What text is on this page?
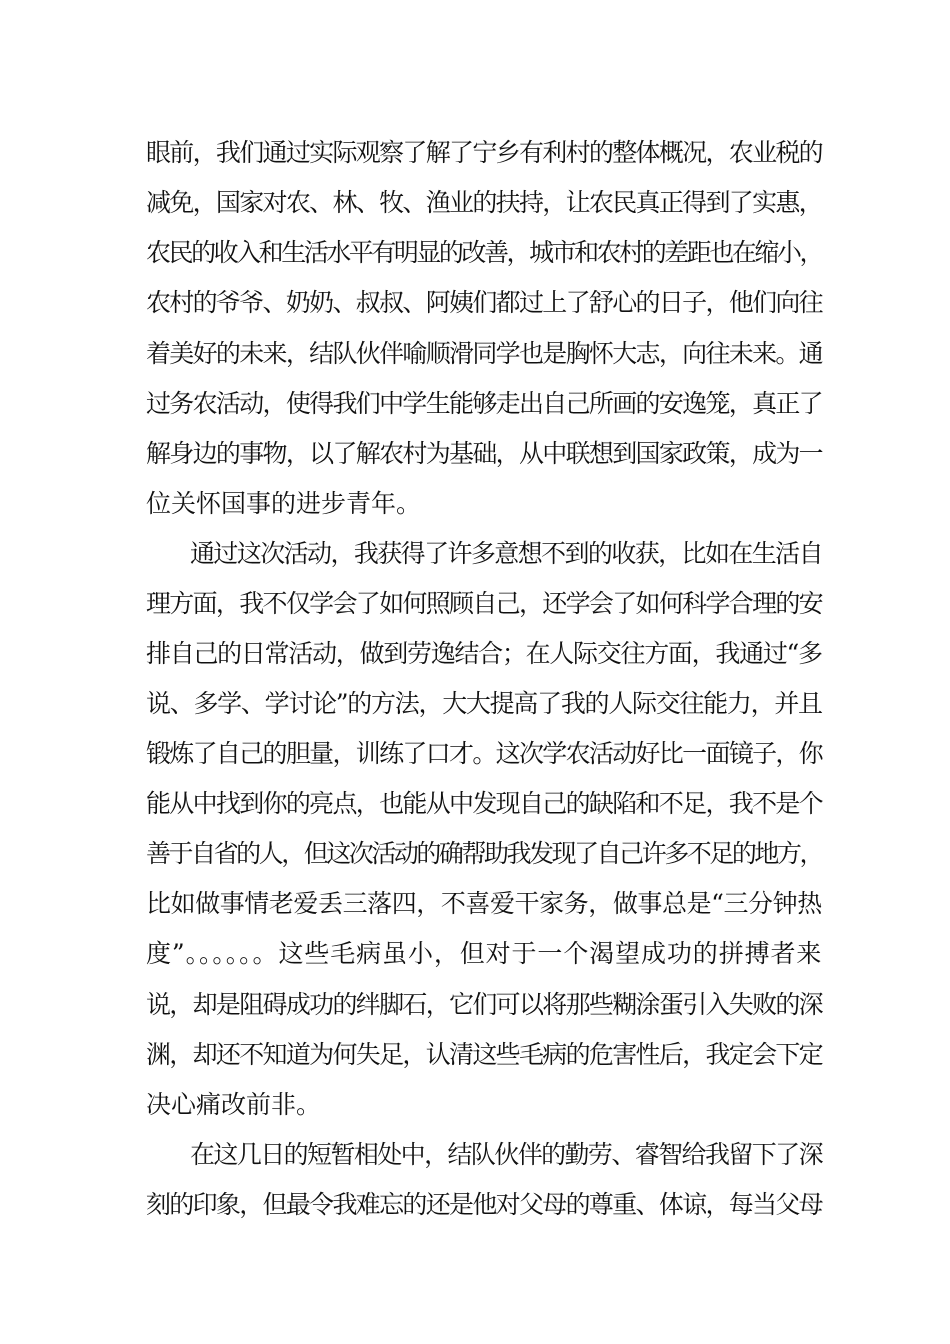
眼前，我们通过实际观察了解了宁乡有利村的整体概况，农业税的
减免，国家对农、林、牧、渔业的扶持，让农民真正得到了实惠，
农民的收入和生活水平有明显的改善，城市和农村的差距也在缩小，
农村的爷爷、奶奶、叔叔、阿姨们都过上了舒心的日子，他们向往
着美好的未来，结队伙伴喻顺滑同学也是胸怀大志，向往未来。通
过务农活动，使得我们中学生能够走出自己所画的安逸笼，真正了
解身边的事物，以了解农村为基础，从中联想到国家政策，成为一
位关怀国事的进步青年。
通过这次活动，我获得了许多意想不到的收获，比如在生活自
理方面，我不仅学会了如何照顾自己，还学会了如何科学合理的安
排自己的日常活动，做到劳逸结合；在人际交往方面，我通过“多
说、多学、学讨论”的方法，大大提高了我的人际交往能力，并且
锻炼了自己的胆量，训练了口才。这次学农活动好比一面镜子，你
能从中找到你的亮点，也能从中发现自己的缺陷和不足，我不是个
善于自省的人，但这次活动的确帮助我发现了自己许多不足的地方，
比如做事情老爱丢三落四，不喜爱干家务，做事总是“三分钟热
度”。。。。。。这些毛病虽小，但对于一个渴望成功的拼搏者来
说，却是阻碍成功的绊脚石，它们可以将那些糊涂蛋引入失败的深
渊，却还不知道为何失足，认清这些毛病的危害性后，我定会下定
决心痛改前非。
在这几日的短暂相处中，结队伙伴的勤劳、睿智给我留下了深
刻的印象，但最令我难忘的还是他对父母的尊重、体谅，每当父母
